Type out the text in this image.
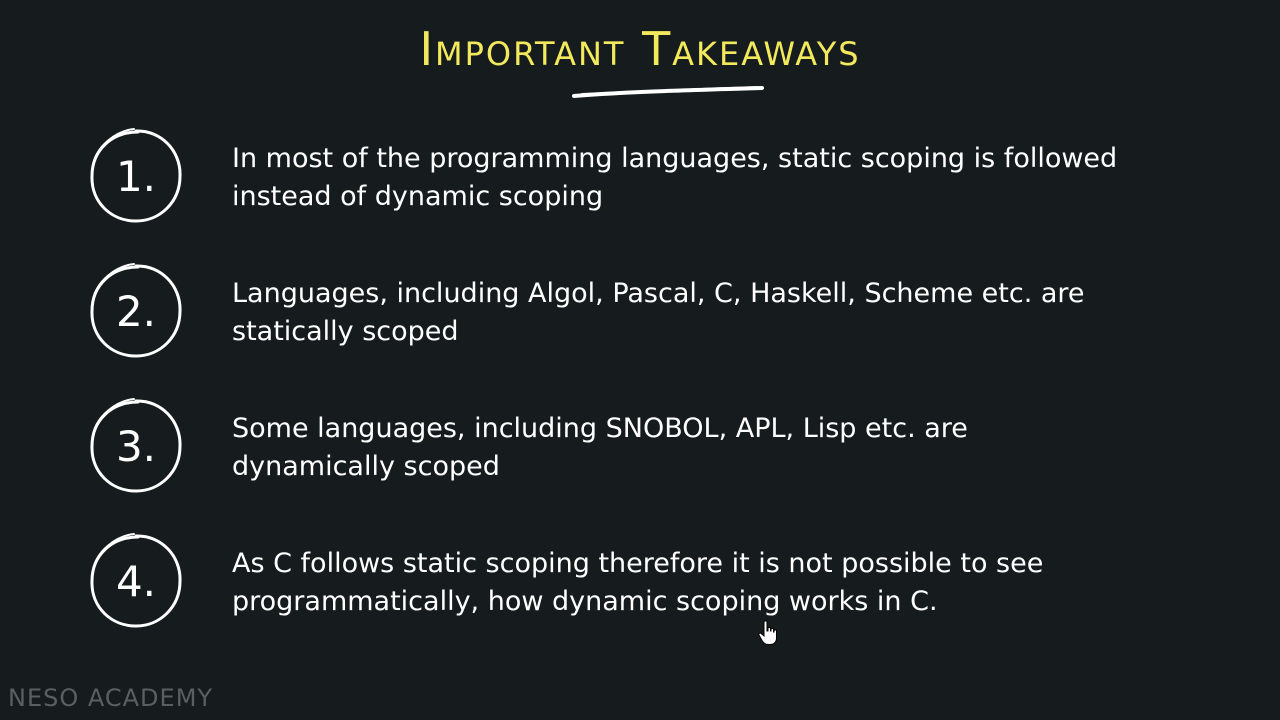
Important Takeaways
1.	In most of the programming languages, static scoping is followed instead of dynamic scoping
2.	Languages, including Algol, Pascal, C, Haskell, Scheme etc. are statically scoped
3.	Some languages, including SNOBOL, APL, Lisp etc. are dynamically scoped
4.	As C follows static scoping therefore it is not possible to see programmatically, how dynamic scoping works in C.
NESO ACADEMY
